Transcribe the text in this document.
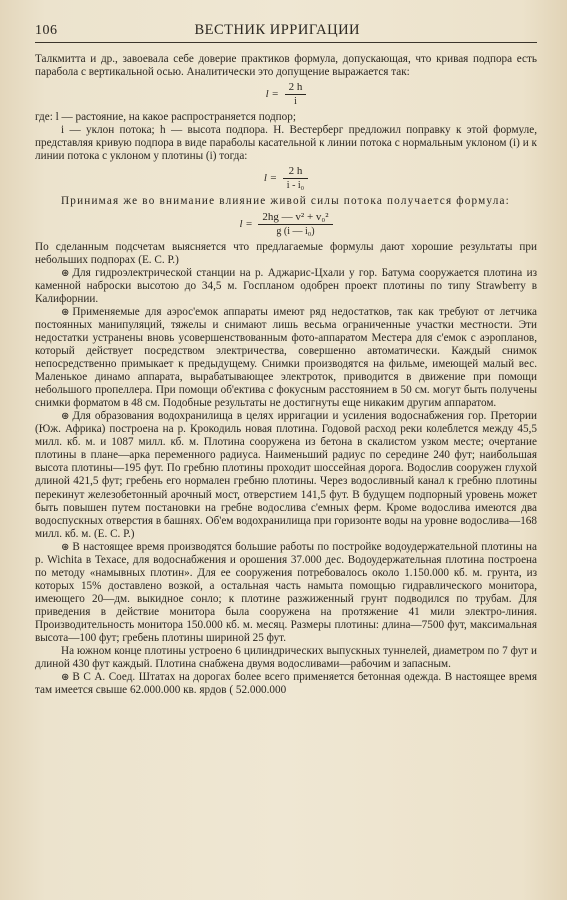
106	ВЕСТНИК ИРРИГАЦИИ

Талкмитта и др., завоевала себе доверие практиков формула, допускающая, что кривая подпора есть парабола с вертикальной осью. Аналитически это допущение выражается так:

$l = \frac{2 h}{i}$

где: l — растояние, на какое распространяется подпор;

i — уклон потока; h — высота подпора. Н. Вестерберг предложил поправку к этой формуле, представляя кривую подпора в виде параболы касательной к линии потока с нормальным уклоном (i) и к линии потока с уклоном у плотины (i) тогда:

$l = \frac{2 h}{\text{i - i₀}}$

Принимая же во внимание влияние живой силы потока получается формула:

$l = \frac{\text{2hg — v² + v₀²}}{\text{g (i — i₀)}}$

По сделанным подсчетам выясняется что предлагаемые формулы дают хорошие результаты при небольших подпорах (Е. С. Р.)

⊛ Для гидроэлектрической станции на р. Аджарис-Цхали у гор. Батума сооружается плотина из каменной наброски высотою до 34,5 м. Госпланом одобрен проект плотины по типу Strawberry в Калифорнии.

⊛ Применяемые для аэрос'емок аппараты имеют ряд недостатков, так как требуют от летчика постоянных манипуляций, тяжелы и снимают лишь весьма ограниченные участки местности. Эти недостатки устранены вновь усовершенствованным фото-аппаратом Местера для с'емок с аэропланов, который действует посредством электричества, совершенно автоматически. Каждый снимок непосредственно примыкает к предыдущему. Снимки производятся на фильме, имеющей малый вес. Маленькое динамо аппарата, вырабатывающее электроток, приводится в движение при помощи небольшого пропеллера. При помощи об'ектива с фокусным расстоянием в 50 см. могут быть получены снимки форматом в 48 см. Подобные результаты не достигнуты еще никаким другим аппаратом.

⊛ Для образования водохранилища в целях ирригации и усиления водоснабжения гор. Претории (Юж. Африка) построена на р. Крокодиль новая плотина. Годовой расход реки колеблется между 45,5 милл. кб. м. и 1087 милл. кб. м. Плотина сооружена из бетона в скалистом узком месте; очертание плотины в плане—арка переменного радиуса. Наименьший радиус по середине 240 фут; наибольшая высота плотины—195 фут. По гребню плотины проходит шоссейная дорога. Водослив сооружен глухой длиной 421,5 фут; гребень его нормален гребню плотины. Через водосливный канал к гребню плотины перекинут железобетонный арочный мост, отверстием 141,5 фут. В будущем подпорный уровень может быть повышен путем постановки на гребне водослива с'емных ферм. Кроме водослива имеются два водоспускных отверстия в башнях. Об'ем водохранилища при горизонте воды на уровне водослива—168 милл. кб. м. (Е. С. Р.)

⊛ В настоящее время производятся большие работы по постройке водоудержательной плотины на р. Wichita в Texace, для водоснабжения и орошения 37.000 дес. Водоудержательная плотина построена по методу «намывных плотин». Для ее сооружения потребовалось около 1.150.000 кб. м. грунта, из которых 15% доставлено возкой, а остальная часть намыта помощью гидравлического монитора, имеющего 20—дм. выкидное сонло; к плотине разжиженный грунт подводился по трубам. Для приведения в действие монитора была сооружена на протяжение 41 мили электро-линия. Производительность монитора 150.000 кб. м. месяц. Размеры плотины: длина—7500 фут, максимальная высота—100 фут; гребень плотины шириной 25 фут.

На южном конце плотины устроено 6 цилиндрических выпускных туннелей, диаметром по 7 фут и длиной 430 фут каждый. Плотина снабжена двумя водосливами—рабочим и запасным.

⊛ В С А. Соед. Штатах на дорогах более всего применяется бетонная одежда. В настоящее время там имеется свыше 62.000.000 кв. ярдов ( 52.000.000
